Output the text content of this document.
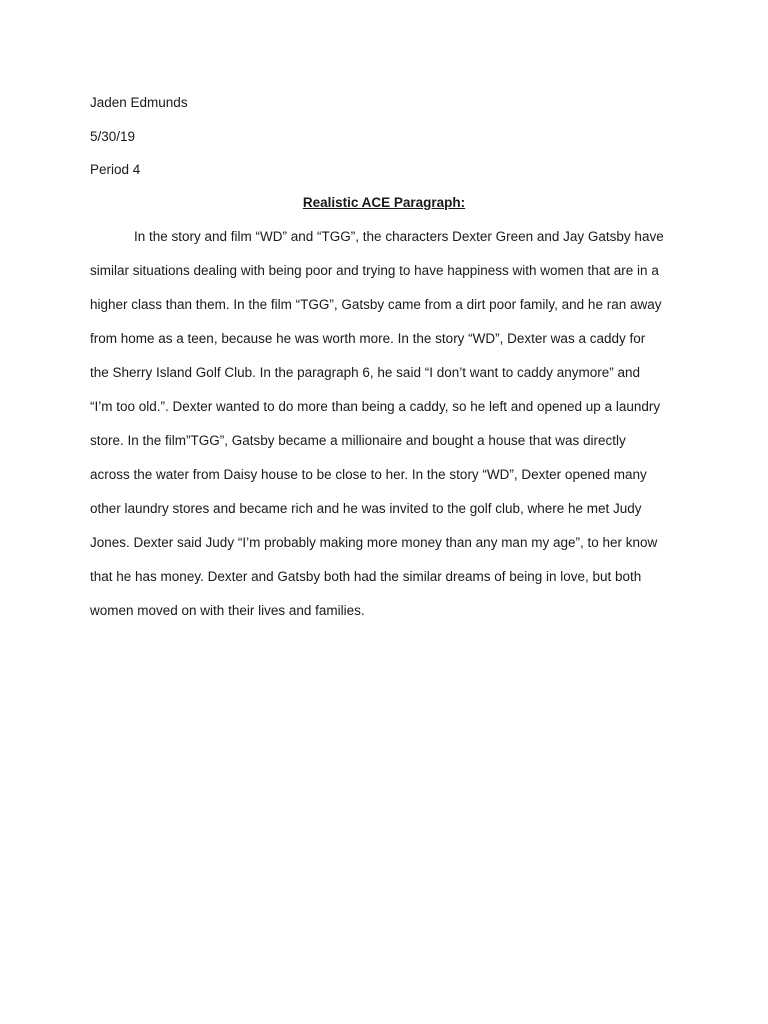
Jaden Edmunds
5/30/19
Period 4
Realistic ACE Paragraph:
In the story and film “WD” and “TGG”, the characters Dexter Green and Jay Gatsby have
similar situations dealing with being poor and trying to have happiness with women that are in a
higher class than them. In the film “TGG”, Gatsby came from a dirt poor family, and he ran away
from home as a teen, because he was worth more. In the story “WD”, Dexter was a caddy for
the Sherry Island Golf Club. In the paragraph 6, he said “I don’t want to caddy anymore” and
“I’m too old.”. Dexter wanted to do more than being a caddy, so he left and opened up a laundry
store. In the film”TGG”, Gatsby became a millionaire and bought a house that was directly
across the water from Daisy house to be close to her. In the story “WD”, Dexter opened many
other laundry stores and became rich and he was invited to the golf club, where he met Judy
Jones. Dexter said Judy “I’m probably making more money than any man my age”, to her know
that he has money. Dexter and Gatsby both had the similar dreams of being in love, but both
women moved on with their lives and families.
